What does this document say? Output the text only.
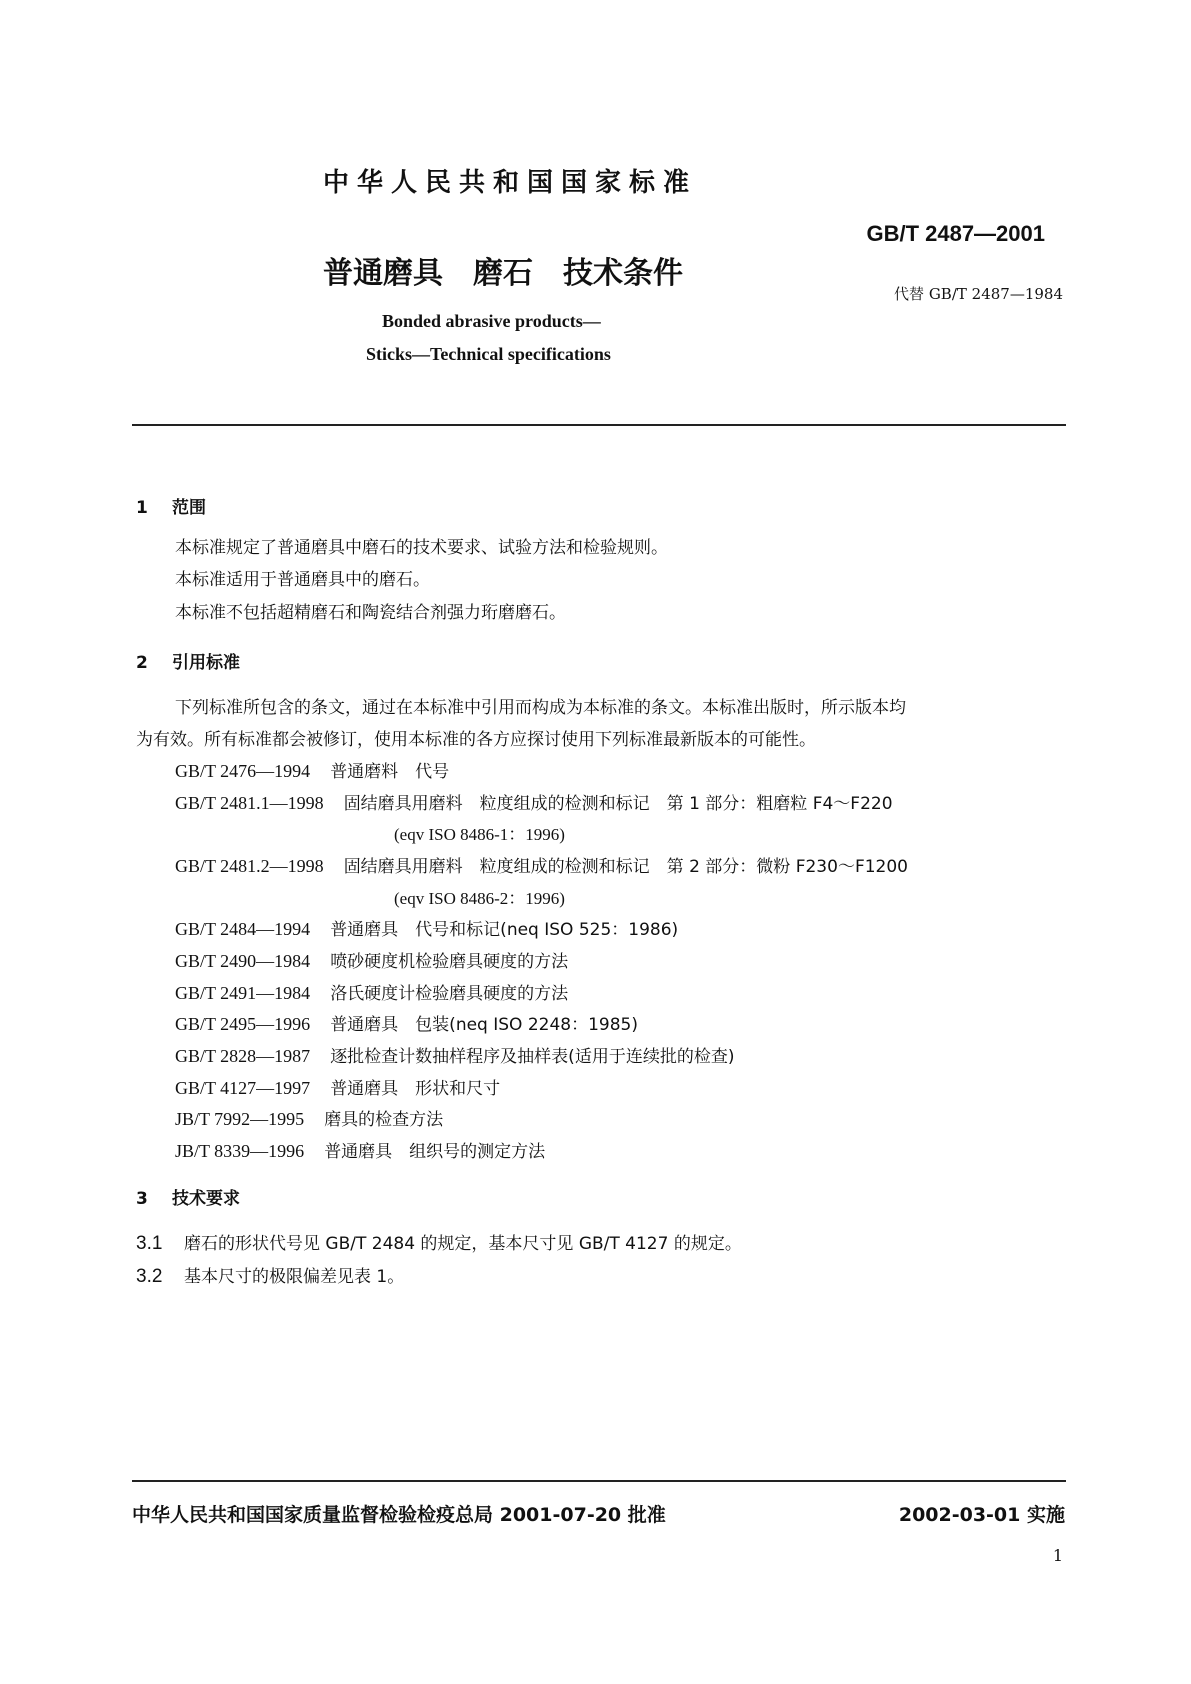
中华人民共和国国家标准
GB/T 2487—2001
普通磨具　磨石　技术条件
代替 GB/T 2487—1984
Bonded abrasive products—
Sticks—Technical specifications
1 范围
本标准规定了普通磨具中磨石的技术要求、试验方法和检验规则。
本标准适用于普通磨具中的磨石。
本标准不包括超精磨石和陶瓷结合剂强力珩磨磨石。
2 引用标准
下列标准所包含的条文，通过在本标准中引用而构成为本标准的条文。本标准出版时，所示版本均
为有效。所有标准都会被修订，使用本标准的各方应探讨使用下列标准最新版本的可能性。
GB/T 2476—1994 普通磨料　代号
GB/T 2481.1—1998 固结磨具用磨料　粒度组成的检测和标记　第 1 部分：粗磨粒 F4～F220
(eqv ISO 8486-1：1996)
GB/T 2481.2—1998 固结磨具用磨料　粒度组成的检测和标记　第 2 部分：微粉 F230～F1200
(eqv ISO 8486-2：1996)
GB/T 2484—1994 普通磨具　代号和标记(neq ISO 525：1986)
GB/T 2490—1984 喷砂硬度机检验磨具硬度的方法
GB/T 2491—1984 洛氏硬度计检验磨具硬度的方法
GB/T 2495—1996 普通磨具　包装(neq ISO 2248：1985)
GB/T 2828—1987 逐批检查计数抽样程序及抽样表(适用于连续批的检查)
GB/T 4127—1997 普通磨具　形状和尺寸
JB/T 7992—1995 磨具的检查方法
JB/T 8339—1996 普通磨具　组织号的测定方法
3 技术要求
3.1 磨石的形状代号见 GB/T 2484 的规定，基本尺寸见 GB/T 4127 的规定。
3.2 基本尺寸的极限偏差见表 1。
中华人民共和国国家质量监督检验检疫总局 2001-07-20 批准	2002-03-01 实施
1
